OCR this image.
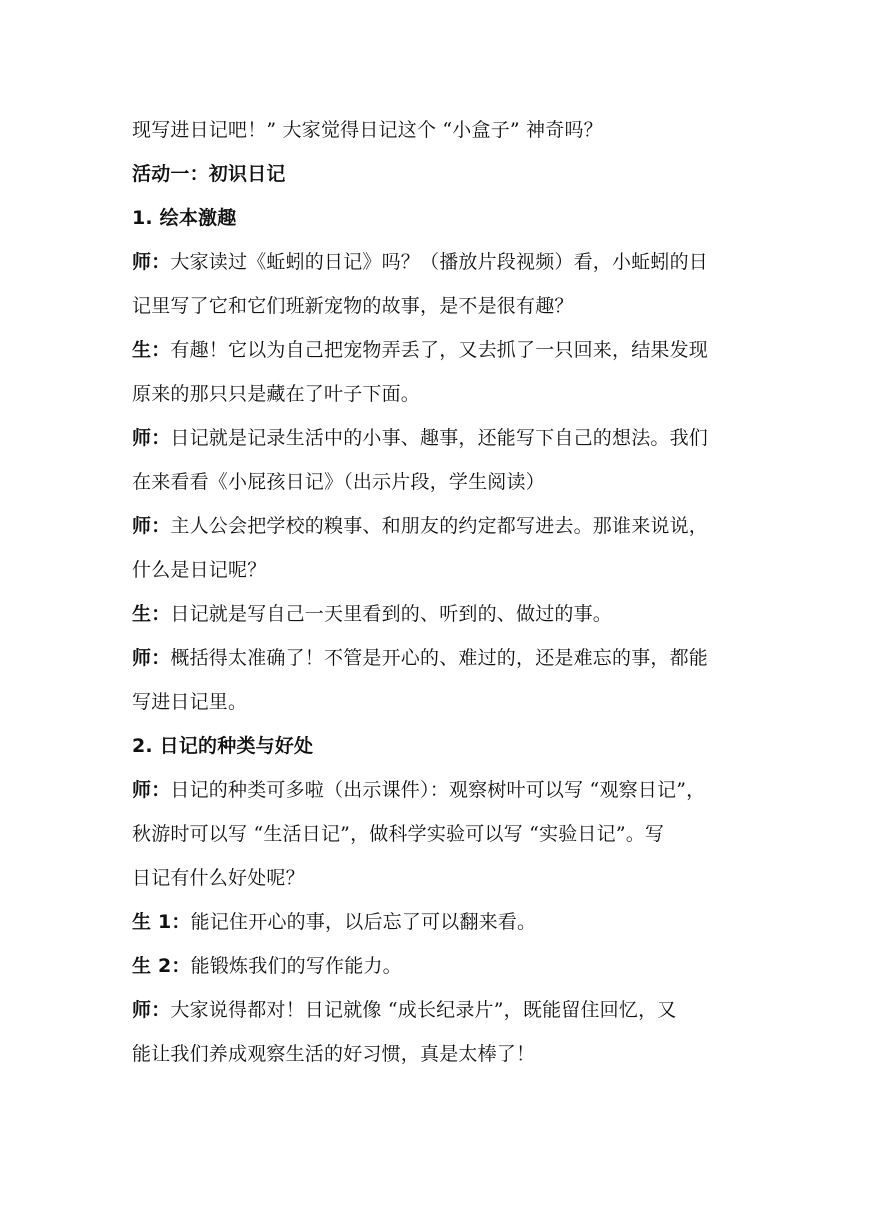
现写进日记吧！” 大家觉得日记这个 “小盒子” 神奇吗？
活动一：初识日记
1. 绘本激趣
师：大家读过《蚯蚓的日记》吗？（播放片段视频）看，小蚯蚓的日
记里写了它和它们班新宠物的故事，是不是很有趣？
生：有趣！它以为自己把宠物弄丢了，又去抓了一只回来，结果发现
原来的那只只是藏在了叶子下面。
师：日记就是记录生活中的小事、趣事，还能写下自己的想法。我们
在来看看《小屁孩日记》（出示片段，学生阅读）
师：主人公会把学校的糗事、和朋友的约定都写进去。那谁来说说，
什么是日记呢？
生：日记就是写自己一天里看到的、听到的、做过的事。
师：概括得太准确了！不管是开心的、难过的，还是难忘的事，都能
写进日记里。
2. 日记的种类与好处
师：日记的种类可多啦（出示课件）：观察树叶可以写 “观察日记”，
秋游时可以写 “生活日记”，做科学实验可以写 “实验日记”。写
日记有什么好处呢？
生 1：能记住开心的事，以后忘了可以翻来看。
生 2：能锻炼我们的写作能力。
师：大家说得都对！日记就像 “成长纪录片”，既能留住回忆，又
能让我们养成观察生活的好习惯，真是太棒了！
